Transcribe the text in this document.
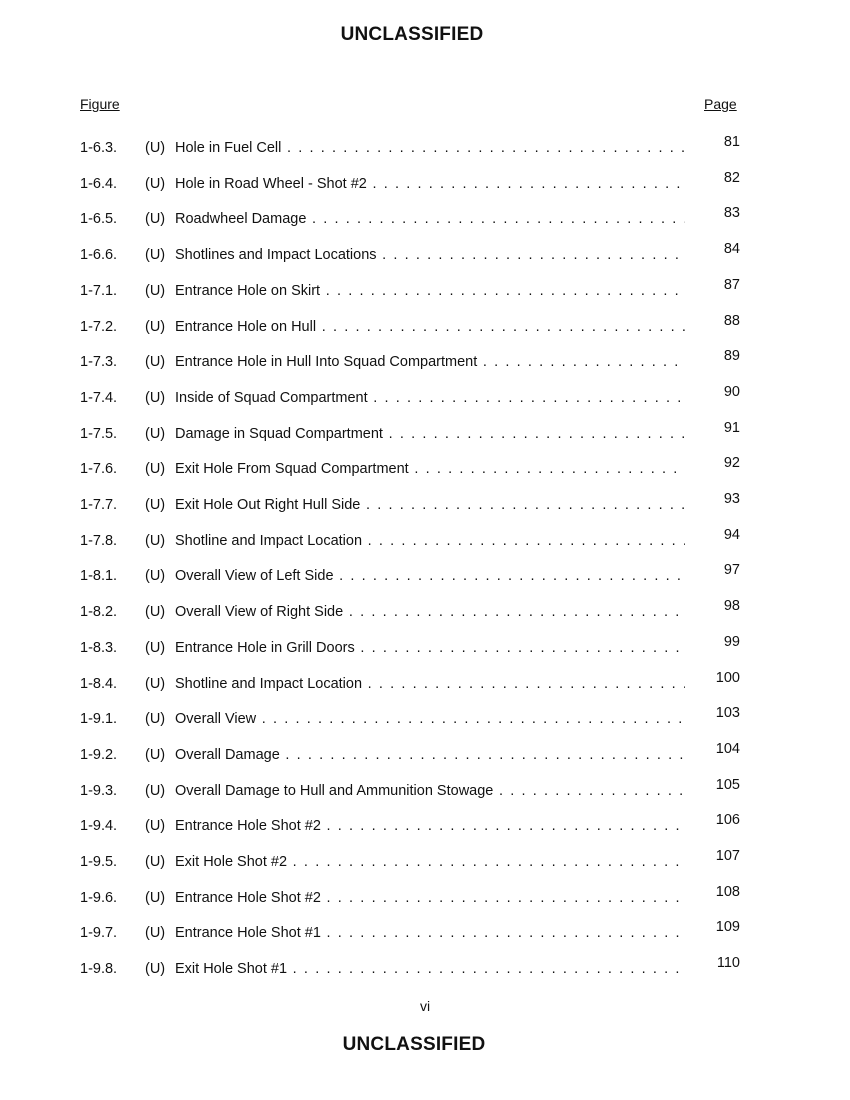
UNCLASSIFIED
Figure	Page
1-6.3. (U) Hole in Fuel Cell . . .	81
1-6.4. (U) Hole in Road Wheel - Shot #2 . . .	82
1-6.5. (U) Roadwheel Damage . . .	83
1-6.6. (U) Shotlines and Impact Locations . . .	84
1-7.1. (U) Entrance Hole on Skirt . . .	87
1-7.2. (U) Entrance Hole on Hull . . .	88
1-7.3. (U) Entrance Hole in Hull Into Squad Compartment . . .	89
1-7.4. (U) Inside of Squad Compartment . . .	90
1-7.5. (U) Damage in Squad Compartment . . .	91
1-7.6. (U) Exit Hole From Squad Compartment . . .	92
1-7.7. (U) Exit Hole Out Right Hull Side . . .	93
1-7.8. (U) Shotline and Impact Location . . .	94
1-8.1. (U) Overall View of Left Side . . .	97
1-8.2. (U) Overall View of Right Side . . .	98
1-8.3. (U) Entrance Hole in Grill Doors . . .	99
1-8.4. (U) Shotline and Impact Location . . .	100
1-9.1. (U) Overall View . . .	103
1-9.2. (U) Overall Damage . . .	104
1-9.3. (U) Overall Damage to Hull and Ammunition Stowage . . .	105
1-9.4. (U) Entrance Hole Shot #2 . . .	106
1-9.5. (U) Exit Hole Shot #2 . . .	107
1-9.6. (U) Entrance Hole Shot #2 . . .	108
1-9.7. (U) Entrance Hole Shot #1 . . .	109
1-9.8. (U) Exit Hole Shot #1 . . .	110
vi
UNCLASSIFIED
